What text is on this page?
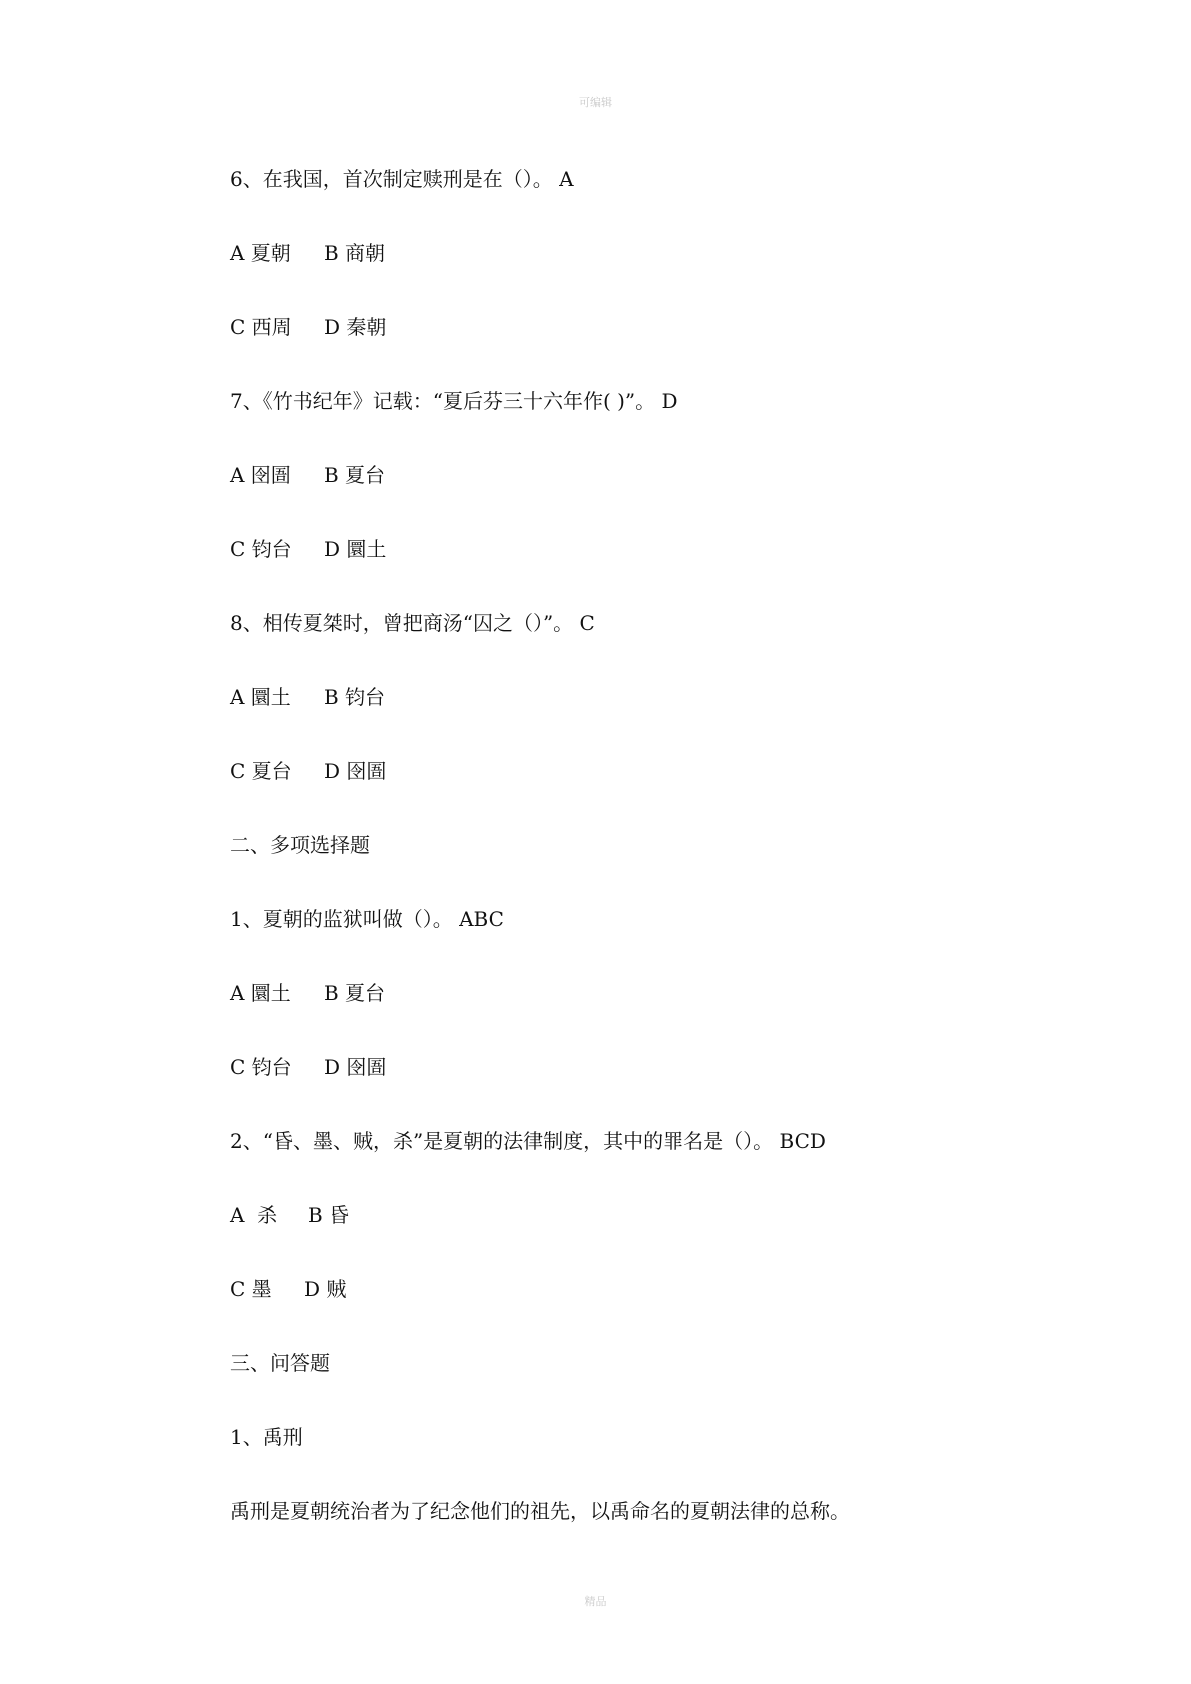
可编辑
6、在我国，首次制定赎刑是在（）。 A
A 夏朝 B 商朝
C 西周 D 秦朝
7、《竹书纪年》记载：“夏后芬三十六年作( )”。 D
A 囹圄 B 夏台
C 钧台 D 圜土
8、相传夏桀时，曾把商汤“囚之（）”。 C
A 圜土 B 钧台
C 夏台 D 囹圄
二、多项选择题
1、夏朝的监狱叫做（）。 ABC
A 圜土 B 夏台
C 钧台 D 囹圄
2、“昏、墨、贼，杀”是夏朝的法律制度，其中的罪名是（）。 BCD
A  杀 B 昏
C 墨 D 贼
三、问答题
1、禹刑
禹刑是夏朝统治者为了纪念他们的祖先，以禹命名的夏朝法律的总称。
精品
